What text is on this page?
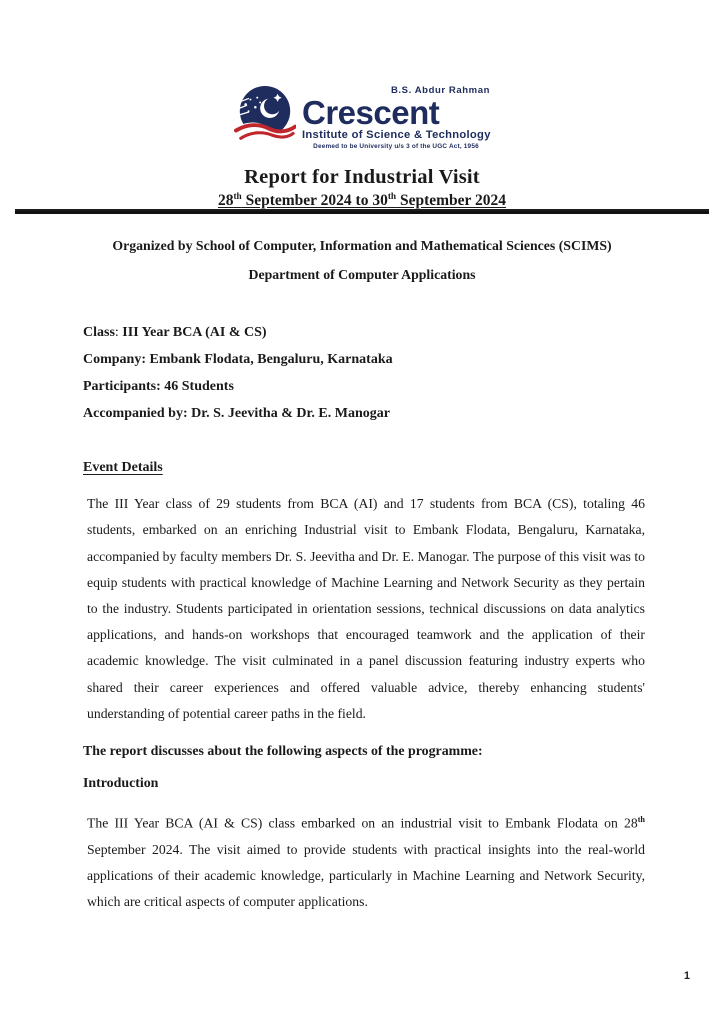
B.S. Abdur Rahman
Crescent
Institute of Science & Technology
Deemed to be University u/s 3 of the UGC Act, 1956
Report for Industrial Visit
28th September 2024 to 30th September 2024
Organized by School of Computer, Information and Mathematical Sciences (SCIMS)
Department of Computer Applications

Class: III Year BCA (AI & CS)

Company: Embank Flodata, Bengaluru, Karnataka

Participants: 46 Students

Accompanied by: Dr. S. Jeevitha & Dr. E. Manogar

Event Details

The III Year class of 29 students from BCA (AI) and 17 students from BCA (CS), totaling 46 students, embarked on an enriching Industrial visit to Embank Flodata, Bengaluru, Karnataka, accompanied by faculty members Dr. S. Jeevitha and Dr. E. Manogar. The purpose of this visit was to equip students with practical knowledge of Machine Learning and Network Security as they pertain to the industry. Students participated in orientation sessions, technical discussions on data analytics applications, and hands-on workshops that encouraged teamwork and the application of their academic knowledge. The visit culminated in a panel discussion featuring industry experts who shared their career experiences and offered valuable advice, thereby enhancing students' understanding of potential career paths in the field.

The report discusses about the following aspects of the programme:

Introduction

The III Year BCA (AI & CS) class embarked on an industrial visit to Embank Flodata on 28th September 2024. The visit aimed to provide students with practical insights into the real-world applications of their academic knowledge, particularly in Machine Learning and Network Security, which are critical aspects of computer applications.

1
